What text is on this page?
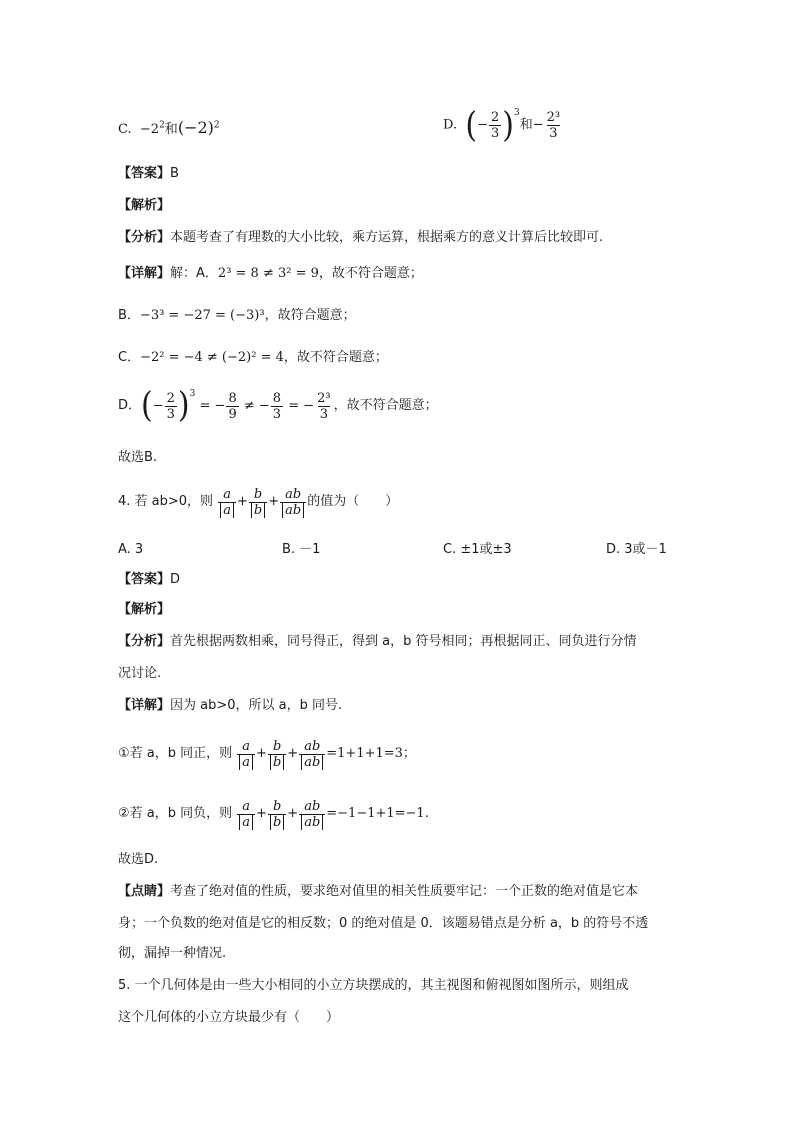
C. $-2^2$和$(-2)^2$	D. (− $\frac{2}{3} )^3$和− $\frac{\text{2³}}{3}$
【答案】B
【解析】
【分析】本题考查了有理数的大小比较，乘方运算，根据乘方的意义计算后比较即可.
【详解】解：A．2³ = 8 ≠ 3² = 9，故不符合题意；
B．−3³ = −27 = (−3)³，故符合题意；
C．−2² = −4 ≠ (−2)² = 4，故不符合题意；
D．(− $\frac{2}{3} )^3$ = − $\frac{8}{9}$ ≠ − $\frac{8}{3}$ = − $\frac{\text{2³}}{3}$ ，故不符合题意；
故选B.
4. 若 ab>0，则 $\frac{a}{a} + \frac{b}{b} + \frac{ab}{ab}$ 的值为（　　）
A. 3	B. －1	C. ±1或±3	D. 3或－1
【答案】D
【解析】
【分析】首先根据两数相乘，同号得正，得到 a，b 符号相同；再根据同正、同负进行分情
况讨论.
【详解】因为 ab>0，所以 a，b 同号.
①若 a，b 同正，则 $\frac{a}{a} + \frac{b}{b} + \frac{ab}{ab} =1+1+1=3$；
②若 a，b 同负，则 $\frac{a}{a} + \frac{b}{b} + \frac{ab}{ab} =-1-1+1=-1$.
故选D.
【点睛】考查了绝对值的性质，要求绝对值里的相关性质要牢记：一个正数的绝对值是它本
身；一个负数的绝对值是它的相反数；0 的绝对值是 0．该题易错点是分析 a，b 的符号不透
彻，漏掉一种情况.
5. 一个几何体是由一些大小相同的小立方块摆成的，其主视图和俯视图如图所示，则组成
这个几何体的小立方块最少有（　　）
